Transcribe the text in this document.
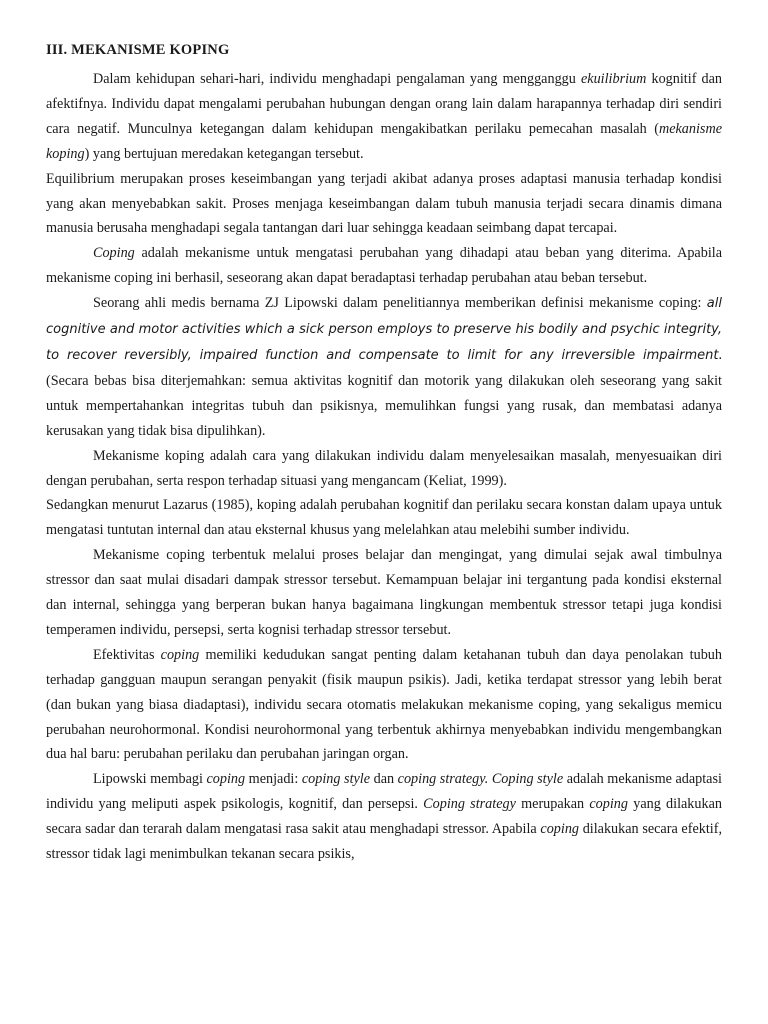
III. MEKANISME KOPING

Dalam kehidupan sehari-hari, individu menghadapi pengalaman yang mengganggu ekuilibrium kognitif dan afektifnya. Individu dapat mengalami perubahan hubungan dengan orang lain dalam harapannya terhadap diri sendiri cara negatif. Munculnya ketegangan dalam kehidupan mengakibatkan perilaku pemecahan masalah (mekanisme koping) yang bertujuan meredakan ketegangan tersebut.

Equilibrium merupakan proses keseimbangan yang terjadi akibat adanya proses adaptasi manusia terhadap kondisi yang akan menyebabkan sakit. Proses menjaga keseimbangan dalam tubuh manusia terjadi secara dinamis dimana manusia berusaha menghadapi segala tantangan dari luar sehingga keadaan seimbang dapat tercapai.

Coping adalah mekanisme untuk mengatasi perubahan yang dihadapi atau beban yang diterima. Apabila mekanisme coping ini berhasil, seseorang akan dapat beradaptasi terhadap perubahan atau beban tersebut.

Seorang ahli medis bernama ZJ Lipowski dalam penelitiannya memberikan definisi mekanisme coping: all cognitive and motor activities which a sick person employs to preserve his bodily and psychic integrity, to recover reversibly, impaired function and compensate to limit for any irreversible impairment. (Secara bebas bisa diterjemahkan: semua aktivitas kognitif dan motorik yang dilakukan oleh seseorang yang sakit untuk mempertahankan integritas tubuh dan psikisnya, memulihkan fungsi yang rusak, dan membatasi adanya kerusakan yang tidak bisa dipulihkan).

Mekanisme koping adalah cara yang dilakukan individu dalam menyelesaikan masalah, menyesuaikan diri dengan perubahan, serta respon terhadap situasi yang mengancam (Keliat, 1999).

Sedangkan menurut Lazarus (1985), koping adalah perubahan kognitif dan perilaku secara konstan dalam upaya untuk mengatasi tuntutan internal dan atau eksternal khusus yang melelahkan atau melebihi sumber individu.

Mekanisme coping terbentuk melalui proses belajar dan mengingat, yang dimulai sejak awal timbulnya stressor dan saat mulai disadari dampak stressor tersebut. Kemampuan belajar ini tergantung pada kondisi eksternal dan internal, sehingga yang berperan bukan hanya bagaimana lingkungan membentuk stressor tetapi juga kondisi temperamen individu, persepsi, serta kognisi terhadap stressor tersebut.

Efektivitas coping memiliki kedudukan sangat penting dalam ketahanan tubuh dan daya penolakan tubuh terhadap gangguan maupun serangan penyakit (fisik maupun psikis). Jadi, ketika terdapat stressor yang lebih berat (dan bukan yang biasa diadaptasi), individu secara otomatis melakukan mekanisme coping, yang sekaligus memicu perubahan neurohormonal. Kondisi neurohormonal yang terbentuk akhirnya menyebabkan individu mengembangkan dua hal baru: perubahan perilaku dan perubahan jaringan organ.

Lipowski membagi coping menjadi: coping style dan coping strategy. Coping style adalah mekanisme adaptasi individu yang meliputi aspek psikologis, kognitif, dan persepsi. Coping strategy merupakan coping yang dilakukan secara sadar dan terarah dalam mengatasi rasa sakit atau menghadapi stressor. Apabila coping dilakukan secara efektif, stressor tidak lagi menimbulkan tekanan secara psikis,
